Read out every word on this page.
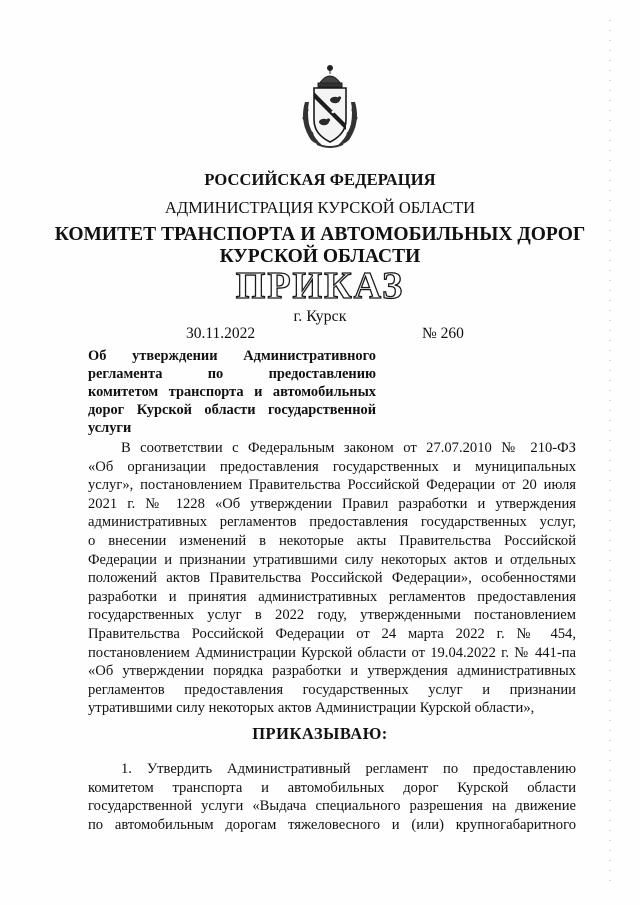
РОССИЙСКАЯ ФЕДЕРАЦИЯ
АДМИНИСТРАЦИЯ КУРСКОЙ ОБЛАСТИ
КОМИТЕТ ТРАНСПОРТА И АВТОМОБИЛЬНЫХ ДОРОГ
КУРСКОЙ ОБЛАСТИ
ПРИКАЗ
г. Курск
30.11.2022	№ 260
Об утверждении Административного
регламента по предоставлению
комитетом транспорта и автомобильных
дорог Курской области государственной
услуги
В соответствии с Федеральным законом от 27.07.2010 № 210-ФЗ
«Об организации предоставления государственных и муниципальных
услуг», постановлением Правительства Российской Федерации от 20 июля
2021 г. № 1228 «Об утверждении Правил разработки и утверждения
административных регламентов предоставления государственных услуг,
о внесении изменений в некоторые акты Правительства Российской
Федерации и признании утратившими силу некоторых актов и отдельных
положений актов Правительства Российской Федерации», особенностями
разработки и принятия административных регламентов предоставления
государственных услуг в 2022 году, утвержденными постановлением
Правительства Российской Федерации от 24 марта 2022 г. № 454,
постановлением Администрации Курской области от 19.04.2022 г. № 441-па
«Об утверждении порядка разработки и утверждения административных
регламентов предоставления государственных услуг и признании
утратившими силу некоторых актов Администрации Курской области»,
ПРИКАЗЫВАЮ:
1. Утвердить Административный регламент по предоставлению
комитетом транспорта и автомобильных дорог Курской области
государственной услуги «Выдача специального разрешения на движение
по автомобильным дорогам тяжеловесного и (или) крупногабаритного
